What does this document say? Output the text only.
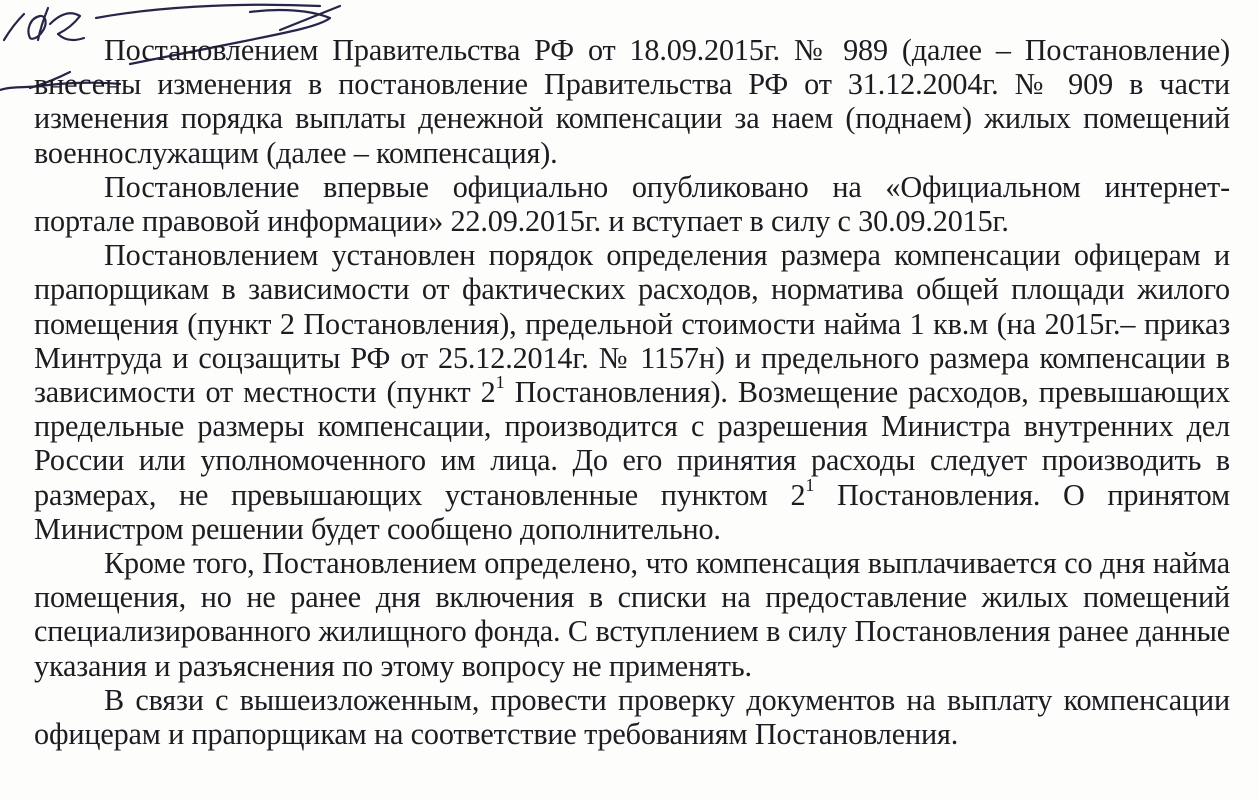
Постановлением Правительства РФ от 18.09.2015г. № 989 (далее – Постановление) внесены изменения в постановление Правительства РФ от 31.12.2004г. № 909 в части изменения порядка выплаты денежной компенсации за наем (поднаем) жилых помещений военнослужащим (далее – компенсация).

Постановление впервые официально опубликовано на «Официальном интернет-портале правовой информации» 22.09.2015г. и вступает в силу с 30.09.2015г.

Постановлением установлен порядок определения размера компенсации офицерам и прапорщикам в зависимости от фактических расходов, норматива общей площади жилого помещения (пункт 2 Постановления), предельной стоимости найма 1 кв.м (на 2015г.– приказ Минтруда и соцзащиты РФ от 25.12.2014г. № 1157н) и предельного размера компенсации в зависимости от местности (пункт $2^1$ Постановления). Возмещение расходов, превышающих предельные размеры компенсации, производится с разрешения Министра внутренних дел России или уполномоченного им лица. До его принятия расходы следует производить в размерах, не превышающих установленные пунктом $2^1$ Постановления. О принятом Министром решении будет сообщено дополнительно.

Кроме того, Постановлением определено, что компенсация выплачивается со дня найма помещения, но не ранее дня включения в списки на предоставление жилых помещений специализированного жилищного фонда. С вступлением в силу Постановления ранее данные указания и разъяснения по этому вопросу не применять.

В связи с вышеизложенным, провести проверку документов на выплату компенсации офицерам и прапорщикам на соответствие требованиям Постановления.
